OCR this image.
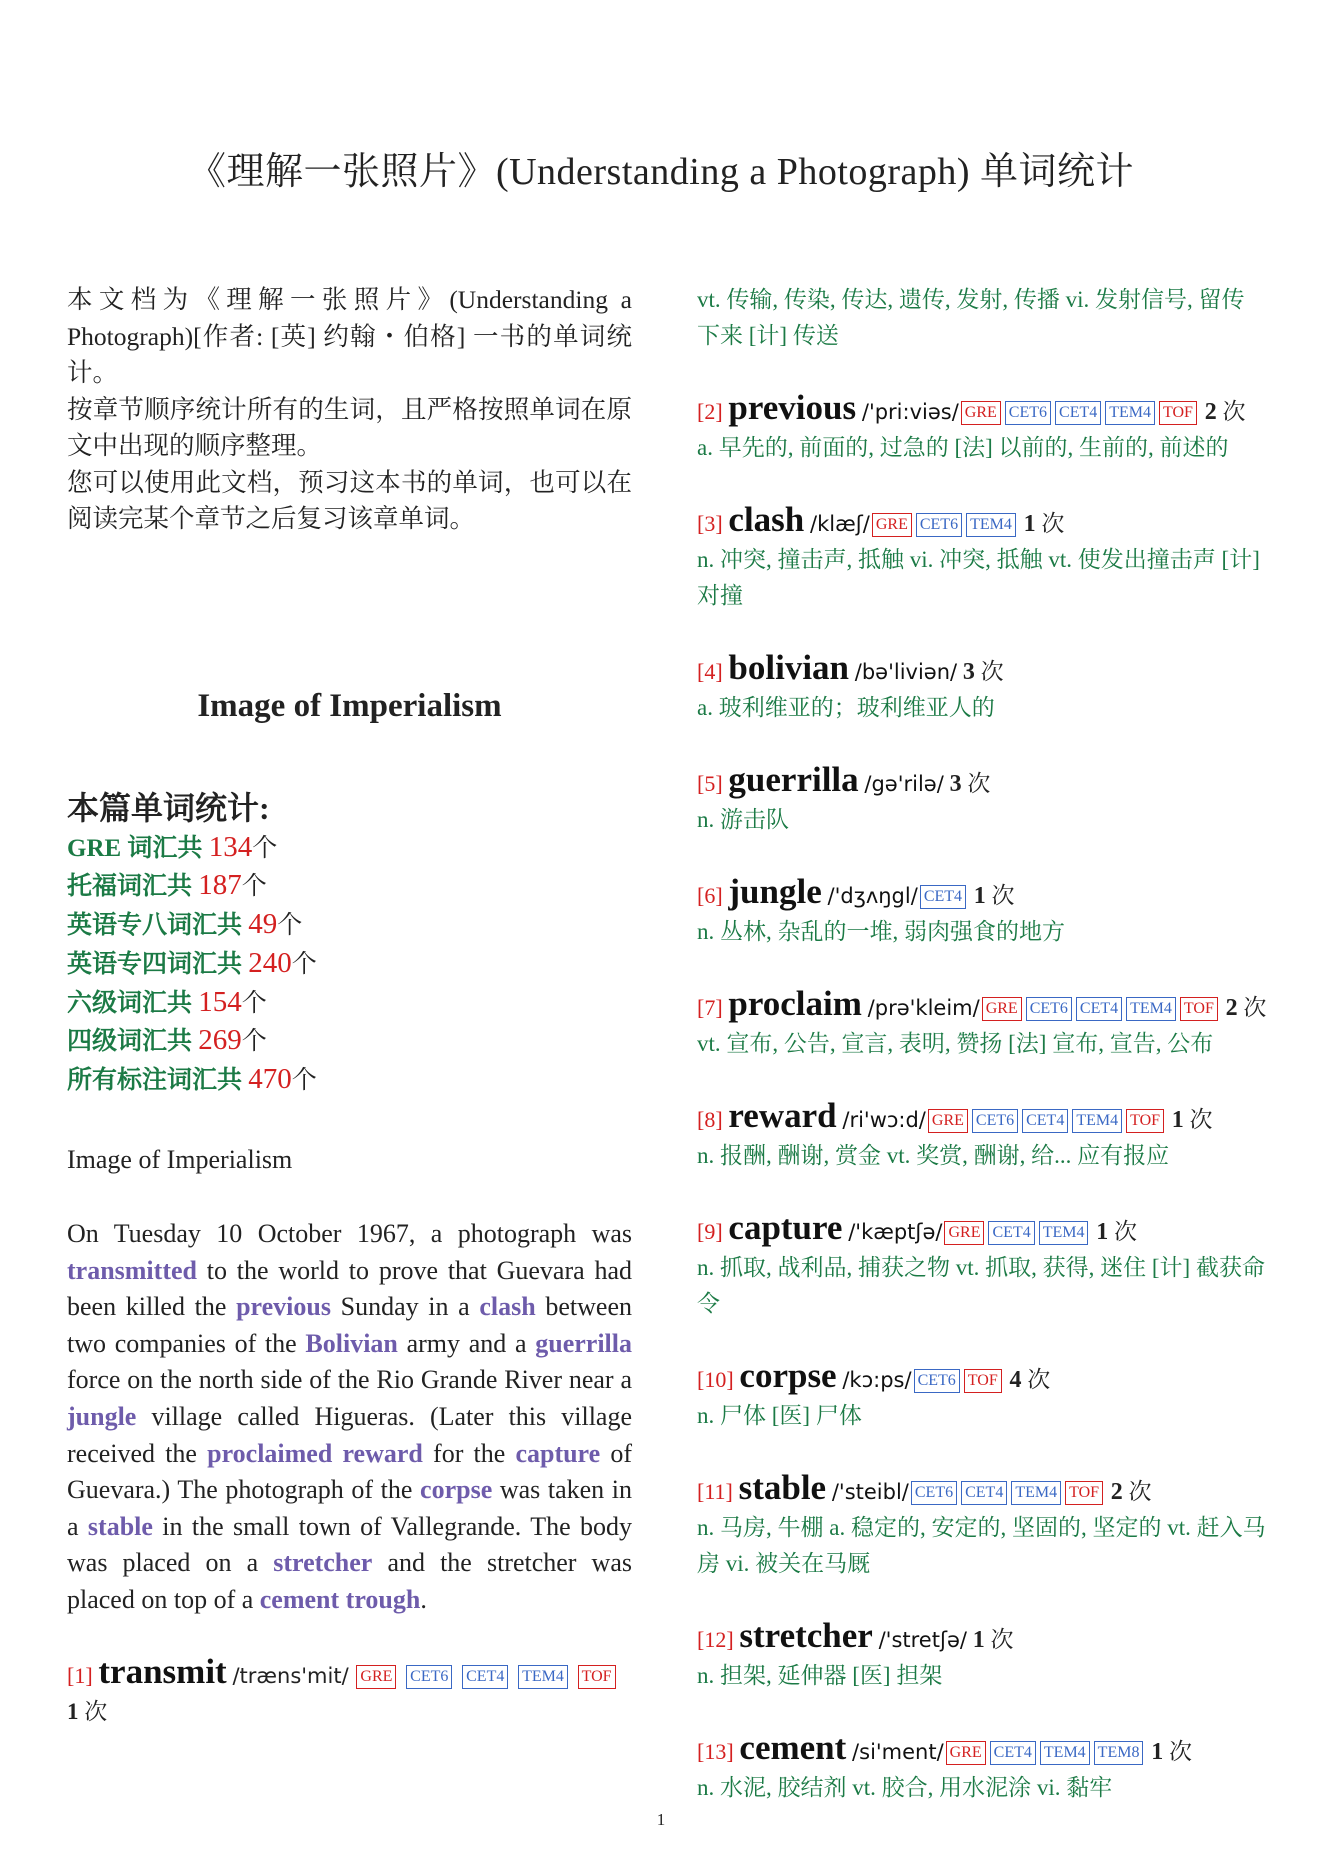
《理解一张照片》(Understanding a Photograph) 单词统计

本文档为《理解一张照片》(Understanding a Photograph)[作者: [英] 约翰・伯格] 一书的单词统计。

按章节顺序统计所有的生词，且严格按照单词在原文中出现的顺序整理。

您可以使用此文档，预习这本书的单词，也可以在阅读完某个章节之后复习该章单词。

Image of Imperialism
本篇单词统计:
GRE 词汇共 134个
托福词汇共 187个
英语专八词汇共 49个
英语专四词汇共 240个
六级词汇共 154个
四级词汇共 269个
所有标注词汇共 470个
Image of Imperialism
On Tuesday 10 October 1967, a photograph was transmitted to the world to prove that Guevara had been killed the previous Sunday in a clash between two companies of the Bolivian army and a guerrilla force on the north side of the Rio Grande River near a jungle village called Higueras. (Later this village received the proclaimed reward for the capture of Guevara.) The photograph of the corpse was taken in a stable in the small town of Vallegrande. The body was placed on a stretcher and the stretcher was placed on top of a cement trough.
[1] transmit /træns'mit/ GRE CET6 CET4 TEM4 TOF 1 次
vt. 传输, 传染, 传达, 遗传, 发射, 传播 vi. 发射信号, 留传下来 [计] 传送
[2] previous /'pri:viəs/ GRE CET6 CET4 TEM4 TOF 2 次
a. 早先的, 前面的, 过急的 [法] 以前的, 生前的, 前述的
[3] clash /klæʃ/ GRE CET6 TEM4 1 次
n. 冲突, 撞击声, 抵触 vi. 冲突, 抵触 vt. 使发出撞击声 [计] 对撞
[4] bolivian /bə'liviən/ 3 次
a. 玻利维亚的；玻利维亚人的
[5] guerrilla /gə'rilə/ 3 次
n. 游击队
[6] jungle /'dʒʌŋgl/ CET4 1 次
n. 丛林, 杂乱的一堆, 弱肉强食的地方
[7] proclaim /prə'kleim/ GRE CET6 CET4 TEM4 TOF 2 次
vt. 宣布, 公告, 宣言, 表明, 赞扬 [法] 宣布, 宣告, 公布
[8] reward /ri'wɔ:d/ GRE CET6 CET4 TEM4 TOF 1 次
n. 报酬, 酬谢, 赏金 vt. 奖赏, 酬谢, 给... 应有报应
[9] capture /'kæptʃə/ GRE CET4 TEM4 1 次
n. 抓取, 战利品, 捕获之物 vt. 抓取, 获得, 迷住 [计] 截获命令
[10] corpse /kɔ:ps/ CET6 TOF 4 次
n. 尸体 [医] 尸体
[11] stable /'steibl/ CET6 CET4 TEM4 TOF 2 次
n. 马房, 牛棚 a. 稳定的, 安定的, 坚固的, 坚定的 vt. 赶入马房 vi. 被关在马厩
[12] stretcher /'stretʃə/ 1 次
n. 担架, 延伸器 [医] 担架
[13] cement /si'ment/ GRE CET4 TEM4 TEM8 1 次
n. 水泥, 胶结剂 vt. 胶合, 用水泥涂 vi. 黏牢
1
